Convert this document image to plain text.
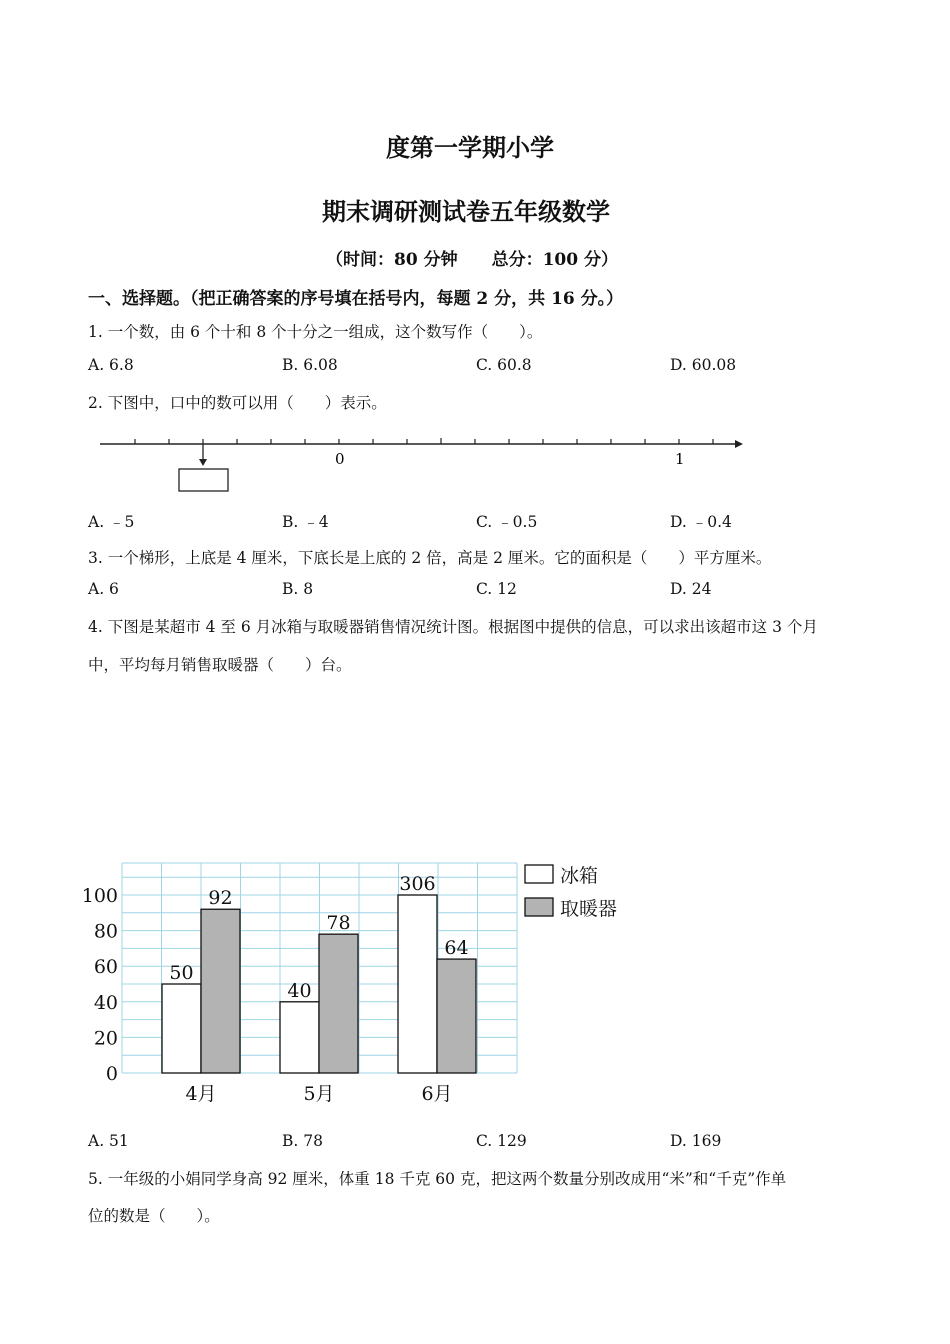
度第一学期小学
期末调研测试卷五年级数学
（时间：80 分钟　　总分：100 分）
一、选择题。（把正确答案的序号填在括号内，每题 2 分，共 16 分。）
1. 一个数，由 6 个十和 8 个十分之一组成，这个数写作（　　）。
A. 6.8	B. 6.08	C. 60.8	D. 60.08
2. 下图中，口中的数可以用（　　）表示。
0	1
A. ﹣5	B. ﹣4	C. ﹣0.5	D. ﹣0.4
3. 一个梯形，上底是 4 厘米，下底长是上底的 2 倍，高是 2 厘米。它的面积是（　　）平方厘米。
A. 6	B. 8	C. 12	D. 24
4. 下图是某超市 4 至 6 月冰箱与取暖器销售情况统计图。根据图中提供的信息，可以求出该超市这 3 个月
中，平均每月销售取暖器（　　）台。
0
20
40
60
80
100
50
92
4月
40
78
5月
306
64
6月
冰箱
取暖器
A. 51	B. 78	C. 129	D. 169
5. 一年级的小娟同学身高 92 厘米，体重 18 千克 60 克，把这两个数量分别改成用“米”和“千克”作单
位的数是（　　）。
